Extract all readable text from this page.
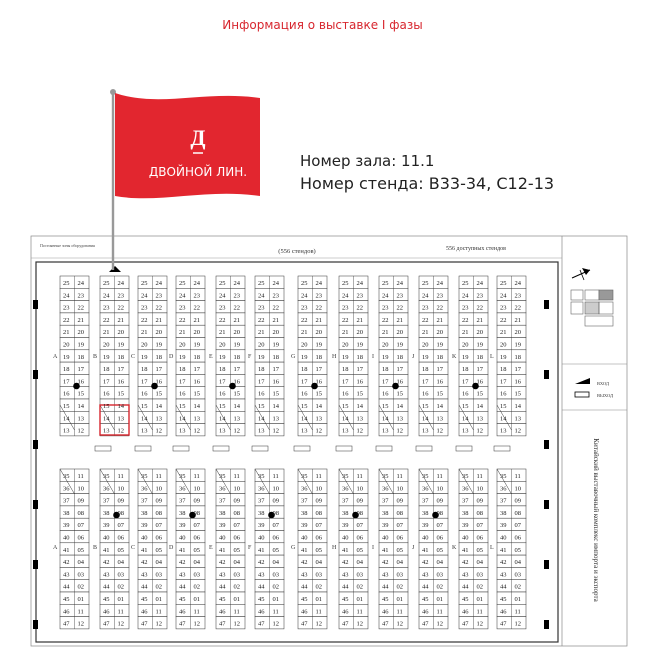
Информация о выставке I фазы
25 24
24 23
23 22
22 21
21 20
20 19
19 18
18 17
17 16
16 15
15 14
14 13
13 12
35 11
36 10
37 09
38 08
39 07
40 06
41 05
42 04
43 03
44 02
45 01
46 11
47 12
A
A
25 24
24 23
23 22
22 21
21 20
20 19
19 18
18 17
17 16
16 15
15 14
14 13
13 12
35 11
36 10
37 09
38 08
39 07
40 06
41 05
42 04
43 03
44 02
45 01
46 11
47 12
B
B
25 24
24 23
23 22
22 21
21 20
20 19
19 18
18 17
17 16
16 15
15 14
14 13
13 12
35 11
36 10
37 09
38 08
39 07
40 06
41 05
42 04
43 03
44 02
45 01
46 11
47 12
C
C
25 24
24 23
23 22
22 21
21 20
20 19
19 18
18 17
17 16
16 15
15 14
14 13
13 12
35 11
36 10
37 09
38 08
39 07
40 06
41 05
42 04
43 03
44 02
45 01
46 11
47 12
D
D
25 24
24 23
23 22
22 21
21 20
20 19
19 18
18 17
17 16
16 15
15 14
14 13
13 12
35 11
36 10
37 09
38 08
39 07
40 06
41 05
42 04
43 03
44 02
45 01
46 11
47 12
E
E
25 24
24 23
23 22
22 21
21 20
20 19
19 18
18 17
17 16
16 15
15 14
14 13
13 12
35 11
36 10
37 09
38 08
39 07
40 06
41 05
42 04
43 03
44 02
45 01
46 11
47 12
F
F
25 24
24 23
23 22
22 21
21 20
20 19
19 18
18 17
17 16
16 15
15 14
14 13
13 12
35 11
36 10
37 09
38 08
39 07
40 06
41 05
42 04
43 03
44 02
45 01
46 11
47 12
G
G
25 24
24 23
23 22
22 21
21 20
20 19
19 18
18 17
17 16
16 15
15 14
14 13
13 12
35 11
36 10
37 09
38 08
39 07
40 06
41 05
42 04
43 03
44 02
45 01
46 11
47 12
H
H
25 24
24 23
23 22
22 21
21 20
20 19
19 18
18 17
17 16
16 15
15 14
14 13
13 12
35 11
36 10
37 09
38 08
39 07
40 06
41 05
42 04
43 03
44 02
45 01
46 11
47 12
I
I
25 24
24 23
23 22
22 21
21 20
20 19
19 18
18 17
17 16
16 15
15 14
14 13
13 12
35 11
36 10
37 09
38 08
39 07
40 06
41 05
42 04
43 03
44 02
45 01
46 11
47 12
J
J
25 24
24 23
23 22
22 21
21 20
20 19
19 18
18 17
17 16
16 15
15 14
14 13
13 12
35 11
36 10
37 09
38 08
39 07
40 06
41 05
42 04
43 03
44 02
45 01
46 11
47 12
K
K
25 24
24 23
23 22
22 21
21 20
20 19
19 18
18 17
17 16
16 15
15 14
14 13
13 12
35 11
36 10
37 09
38 08
39 07
40 06
41 05
42 04
43 03
44 02
45 01
46 11
47 12
L
L
ВХОД
ВЫХОД
Китайский выставочный комплекс импорта и экспорта
Постоянные зоны оборудования
(556 стендов)	556 доступных стендов
Д
ДВОЙНОЙ ЛИН.
Номер зала: 11.1
Номер стенда: B33-34, C12-13
